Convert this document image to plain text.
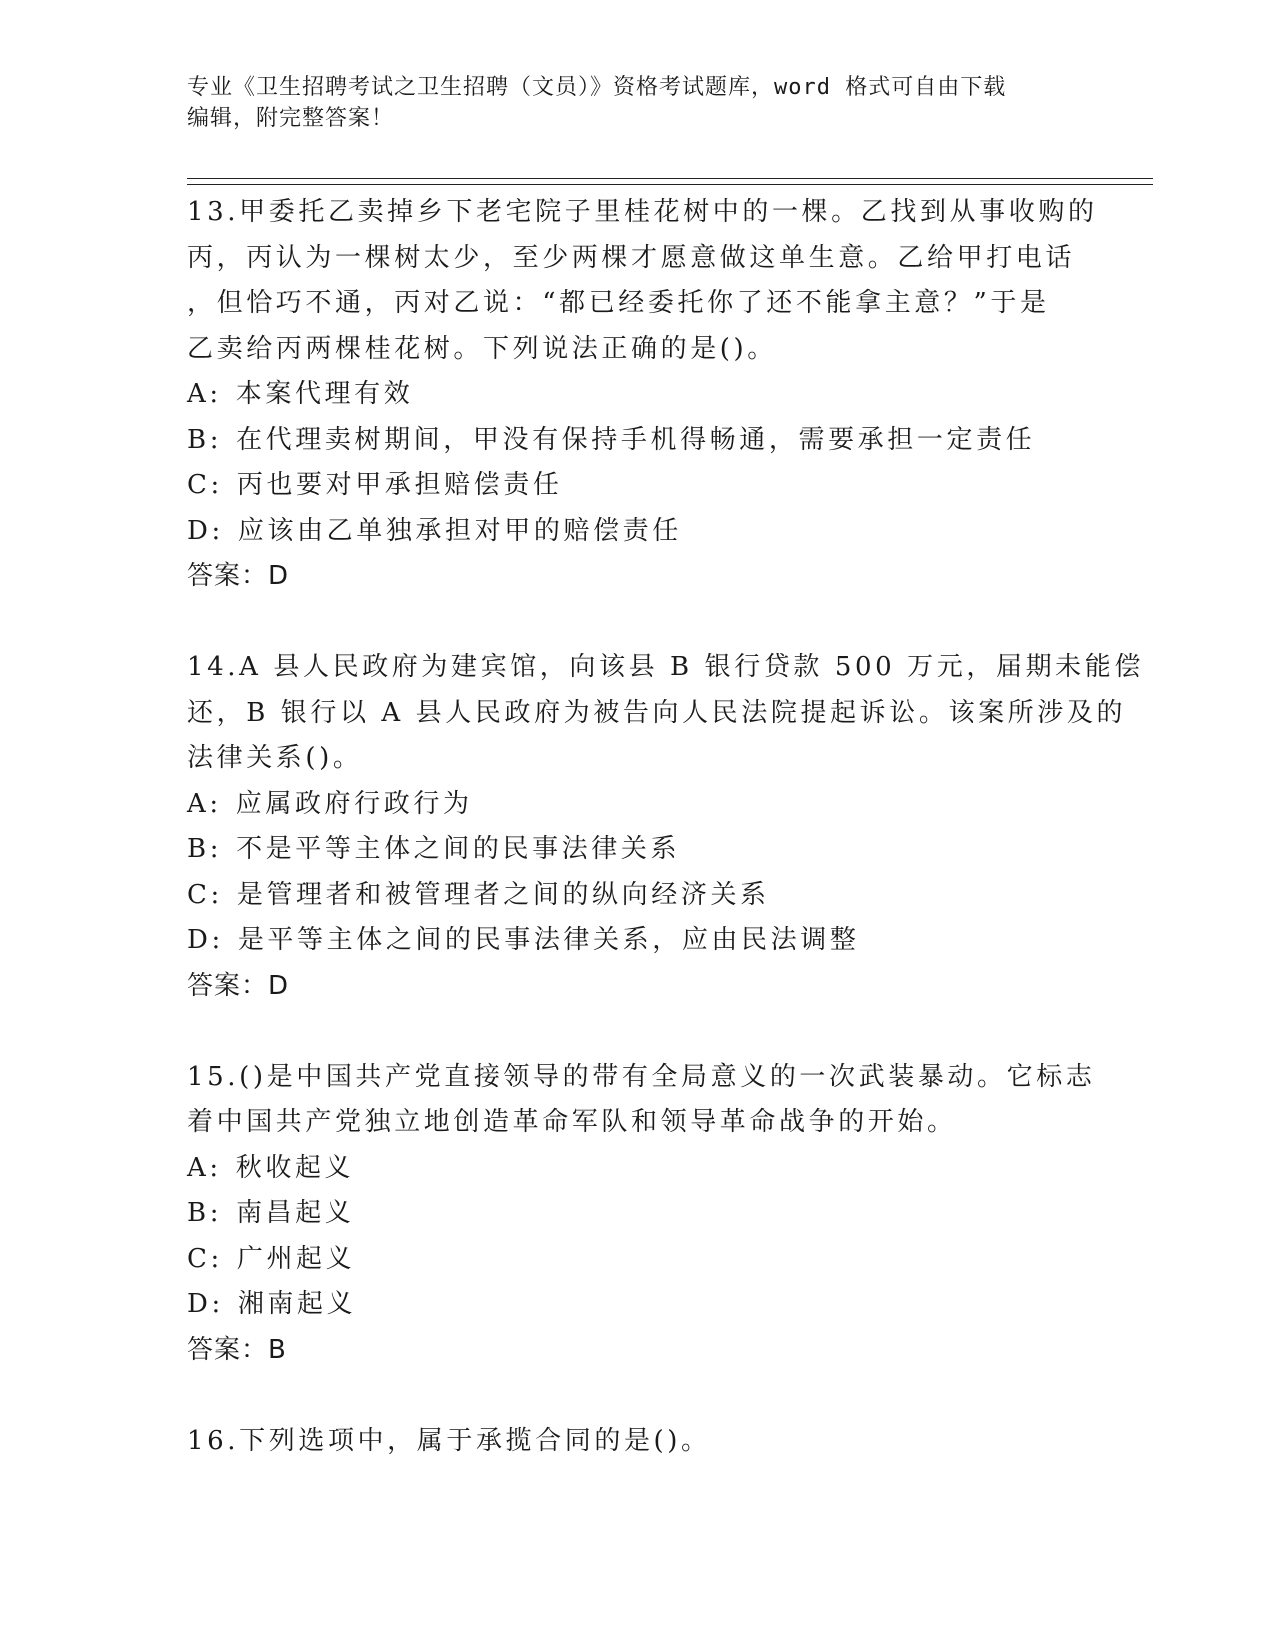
专业《卫生招聘考试之卫生招聘（文员）》资格考试题库，word 格式可自由下载
编辑，附完整答案！
13.甲委托乙卖掉乡下老宅院子里桂花树中的一棵。乙找到从事收购的
丙，丙认为一棵树太少，至少两棵才愿意做这单生意。乙给甲打电话
，但恰巧不通，丙对乙说：“都已经委托你了还不能拿主意？”于是
乙卖给丙两棵桂花树。下列说法正确的是()。
A: 本案代理有效
B: 在代理卖树期间，甲没有保持手机得畅通，需要承担一定责任
C: 丙也要对甲承担赔偿责任
D: 应该由乙单独承担对甲的赔偿责任
答案：D
14.A 县人民政府为建宾馆，向该县 B 银行贷款 500 万元，届期未能偿
还，B 银行以 A 县人民政府为被告向人民法院提起诉讼。该案所涉及的
法律关系()。
A: 应属政府行政行为
B: 不是平等主体之间的民事法律关系
C: 是管理者和被管理者之间的纵向经济关系
D: 是平等主体之间的民事法律关系，应由民法调整
答案：D
15.()是中国共产党直接领导的带有全局意义的一次武装暴动。它标志
着中国共产党独立地创造革命军队和领导革命战争的开始。
A: 秋收起义
B: 南昌起义
C: 广州起义
D: 湘南起义
答案：B
16.下列选项中，属于承揽合同的是()。
